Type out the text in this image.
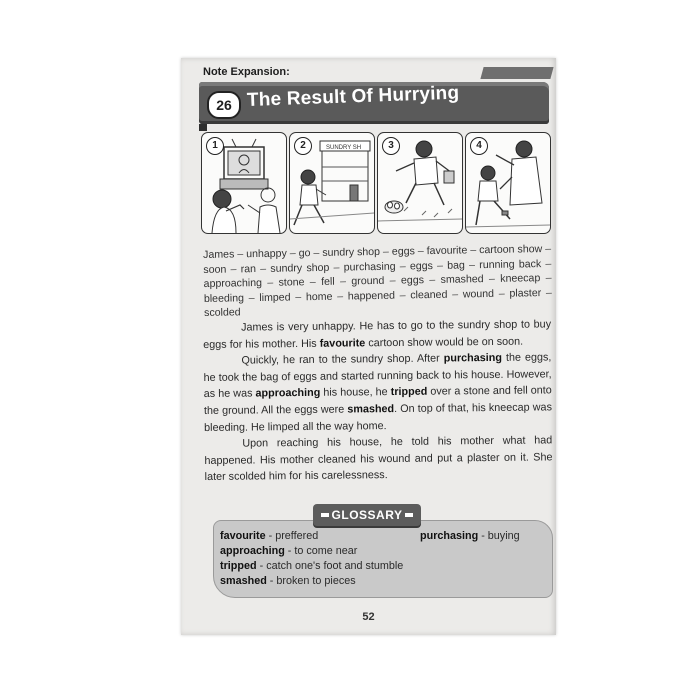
Note Expansion:
26 The Result Of Hurrying
1	2	SUNDRY SH	3	4
James – unhappy – go – sundry shop – eggs – favourite – cartoon show – soon – ran – sundry shop – purchasing – eggs – bag – running back – approaching – stone – fell – ground – eggs – smashed – kneecap – bleeding – limped – home – happened – cleaned – wound – plaster – scolded

James is very unhappy. He has to go to the sundry shop to buy eggs for his mother. His favourite cartoon show would be on soon.

Quickly, he ran to the sundry shop. After purchasing the eggs, he took the bag of eggs and started running back to his house. However, as he was approaching his house, he tripped over a stone and fell onto the ground. All the eggs were smashed. On top of that, his kneecap was bleeding. He limped all the way home.

Upon reaching his house, he told his mother what had happened. His mother cleaned his wound and put a plaster on it. She later scolded him for his carelessness.

favourite - preffered	purchasing - buying
approaching - to come near
tripped - catch one's foot and stumble
smashed - broken to pieces
GLOSSARY
52
